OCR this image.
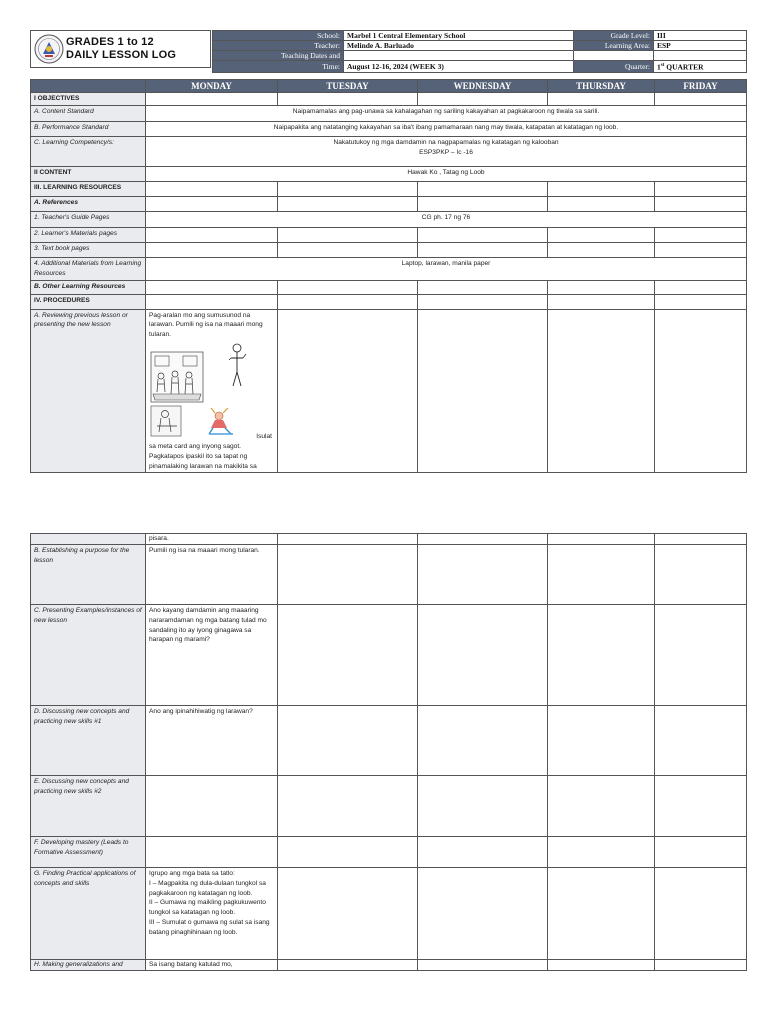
GRADES 1 to 12
DAILY LESSON LOG
School:	Marbel 1 Central Elementary School	Grade Level:	III
Teacher:	Melinde A. Barluado	Learning Area:	ESP
Teaching Dates and			
Time:	August 12-16, 2024 (WEEK 3)	Quarter:	1st QUARTER
	MONDAY	TUESDAY	WEDNESDAY	THURSDAY	FRIDAY
I OBJECTIVES					
A. Content Standard	Naipamamalas ang pag-unawa sa kahalagahan ng sariling kakayahan at pagkakaroon ng tiwala sa sarili.				
B. Performance Standard	Naipapakita ang natatanging kakayahan sa iba't ibang pamamaraan nang may tiwala, katapatan at katatagan ng loob.				
C. Learning Competency/s:	Nakatutukoy ng mga damdamin na nagpapamalas ng katatagan ng kalooban
ESP3PKP – Ic -16				

II CONTENT	Hawak Ko , Tatag ng Loob				
III. LEARNING RESOURCES					
A. References					
1. Teacher's Guide Pages	CG ph. 17 ng 76				
2. Learner's Materials pages					
3. Text book pages					
4. Additional Materials from Learning Resources	Laptop, larawan, manila paper				
B. Other Learning Resources					
IV. PROCEDURES					
A. Reviewing previous lesson or presenting the new lesson	Pag-aralan mo ang sumusunod na larawan. Pumili ng isa na maaari mong tularan.
Isulat
sa meta card ang inyong sagot. Pagkatapos ipaskil ito sa tapat ng pinamalaking larawan na makikita sa				

	pisara.				
B. Establishing a purpose for the lesson	Pumili ng isa na maaari mong tularan.				
C. Presenting Examples/instances of new lesson	Ano kayang damdamin ang maaaring nararamdaman ng mga batang tulad mo sandaling ito ay iyong ginagawa sa harapan ng marami?				
D. Discussing new concepts and practicing new skills #1	Ano ang ipinahihiwatig ng larawan?				
E. Discussing new concepts and practicing new skills #2					
F. Developing mastery (Leads to Formative Assessment)					
G. Finding Practical applications of concepts and skills	Igrupo ang mga bata sa tatlo:
I – Magpakita ng dula-dulaan tungkol sa pagkakaroon ng katatagan ng loob.
II – Gumawa ng maikling pagkukuwento tungkol sa katatagan ng loob.
III – Sumulat o gumawa ng sulat sa isang batang pinaghihinaan ng loob.				

H. Making generalizations and	Sa isang batang katulad mo,				
